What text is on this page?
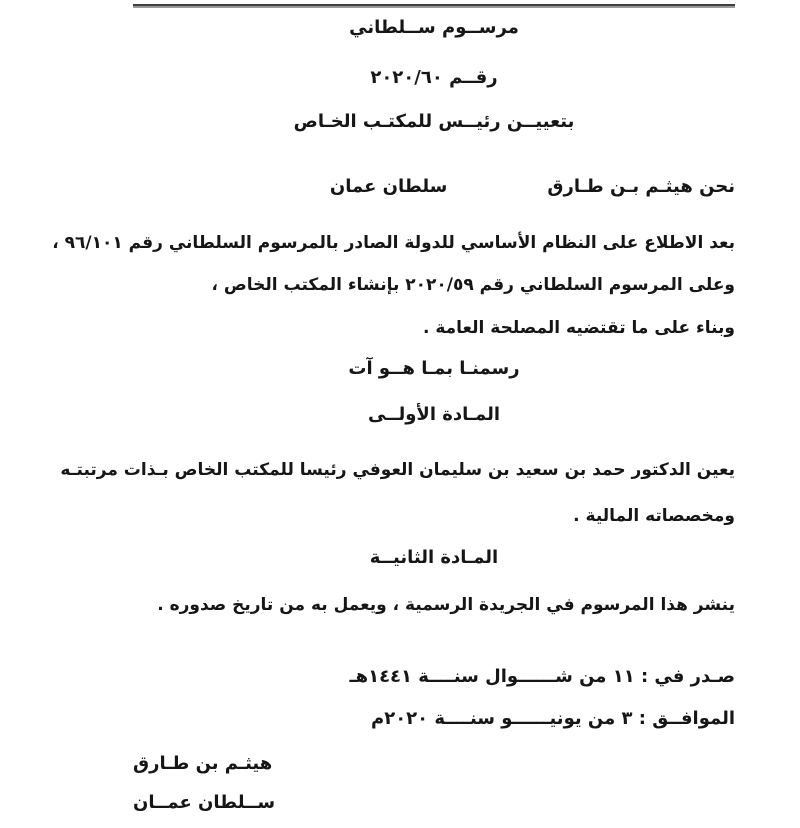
مرســوم ســلطاني
رقــم ٢٠٢٠/٦٠
بتعييــن رئيــس للمكتـب الخـاص
نحن هيثـم بـن طـارقسلطان عمان
بعد الاطلاع على النظام الأساسي للدولة الصادر بالمرسوم السلطاني رقم ٩٦/١٠١ ،
وعلى المرسوم السلطاني رقم ٢٠٢٠/٥٩ بإنشاء المكتب الخاص ،
وبناء على ما تقتضيه المصلحة العامة .
رسمنـا بمـا هــو آت
المـادة الأولــى
يعين الدكتور حمد بن سعيد بن سليمان العوفي رئيسا للمكتب الخاص بـذات مرتبتـه
ومخصصاته المالية .
المـادة الثانيــة
ينشر هذا المرسوم في الجريدة الرسمية ، ويعمل به من تاريخ صدوره .
صـدر في : ١١ من شــــــوال سنــــة ١٤٤١هـ
الموافــق : ٣ من يونيــــــو سنــــة ٢٠٢٠م
هيثـم بن طـارق
ســلطان عمــان
